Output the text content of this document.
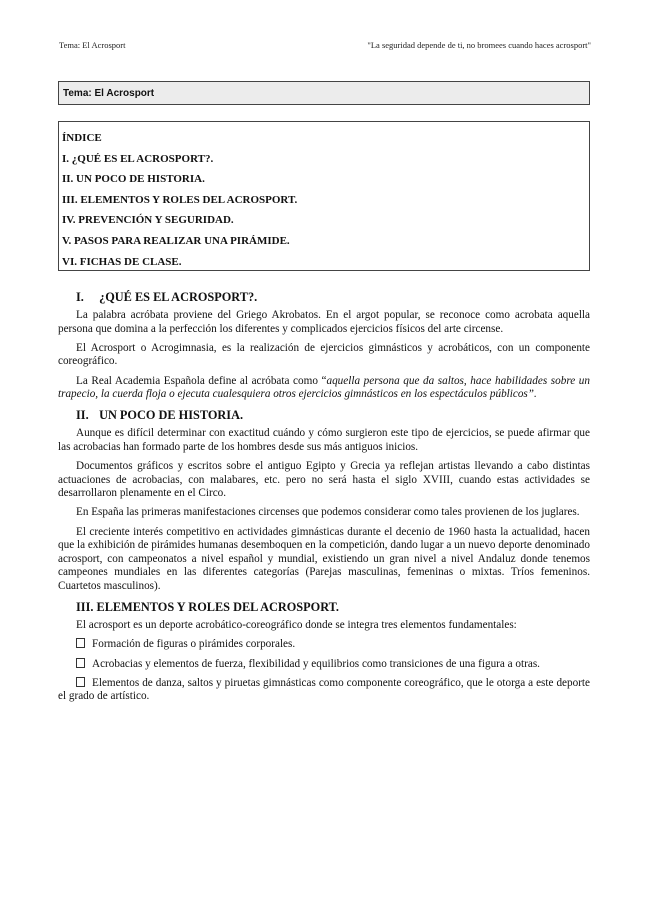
Tema: El Acrosport	"La seguridad depende de ti, no bromees cuando haces acrosport"
Tema: El Acrosport
ÍNDICE
I. ¿QUÉ ES EL ACROSPORT?.
II. UN POCO DE HISTORIA.
III. ELEMENTOS Y ROLES DEL ACROSPORT.
IV. PREVENCIÓN Y SEGURIDAD.
V. PASOS PARA REALIZAR UNA PIRÁMIDE.
VI. FICHAS DE CLASE.
I. ¿QUÉ ES EL ACROSPORT?.

La palabra acróbata proviene del Griego Akrobatos. En el argot popular, se reconoce como acrobata aquella persona que domina a la perfección los diferentes y complicados ejercicios físicos del arte circense.

El Acrosport o Acrogimnasia, es la realización de ejercicios gimnásticos y acrobáticos, con un componente coreográfico.

La Real Academia Española define al acróbata como “aquella persona que da saltos, hace habilidades sobre un trapecio, la cuerda floja o ejecuta cualesquiera otros ejercicios gimnásticos en los espectáculos públicos”.

II. UN POCO DE HISTORIA.

Aunque es difícil determinar con exactitud cuándo y cómo surgieron este tipo de ejercicios, se puede afirmar que las acrobacias han formado parte de los hombres desde sus más antiguos inicios.

Documentos gráficos y escritos sobre el antiguo Egipto y Grecia ya reflejan artistas llevando a cabo distintas actuaciones de acrobacias, con malabares, etc. pero no será hasta el siglo XVIII, cuando estas actividades se desarrollaron plenamente en el Circo.

En España las primeras manifestaciones circenses que podemos considerar como tales provienen de los juglares.

El creciente interés competitivo en actividades gimnásticas durante el decenio de 1960 hasta la actualidad, hacen que la exhibición de pirámides humanas desemboquen en la competición, dando lugar a un nuevo deporte denominado acrosport, con campeonatos a nivel español y mundial, existiendo un gran nivel a nivel Andaluz donde tenemos campeones mundiales en las diferentes categorías (Parejas masculinas, femeninas o mixtas. Tríos femeninos. Cuartetos masculinos).

III. ELEMENTOS Y ROLES DEL ACROSPORT.

El acrosport es un deporte acrobático-coreográfico donde se integra tres elementos fundamentales:

Formación de figuras o pirámides corporales.

Acrobacias y elementos de fuerza, flexibilidad y equilibrios como transiciones de una figura a otras.

Elementos de danza, saltos y piruetas gimnásticas como componente coreográfico, que le otorga a este deporte el grado de artístico.
